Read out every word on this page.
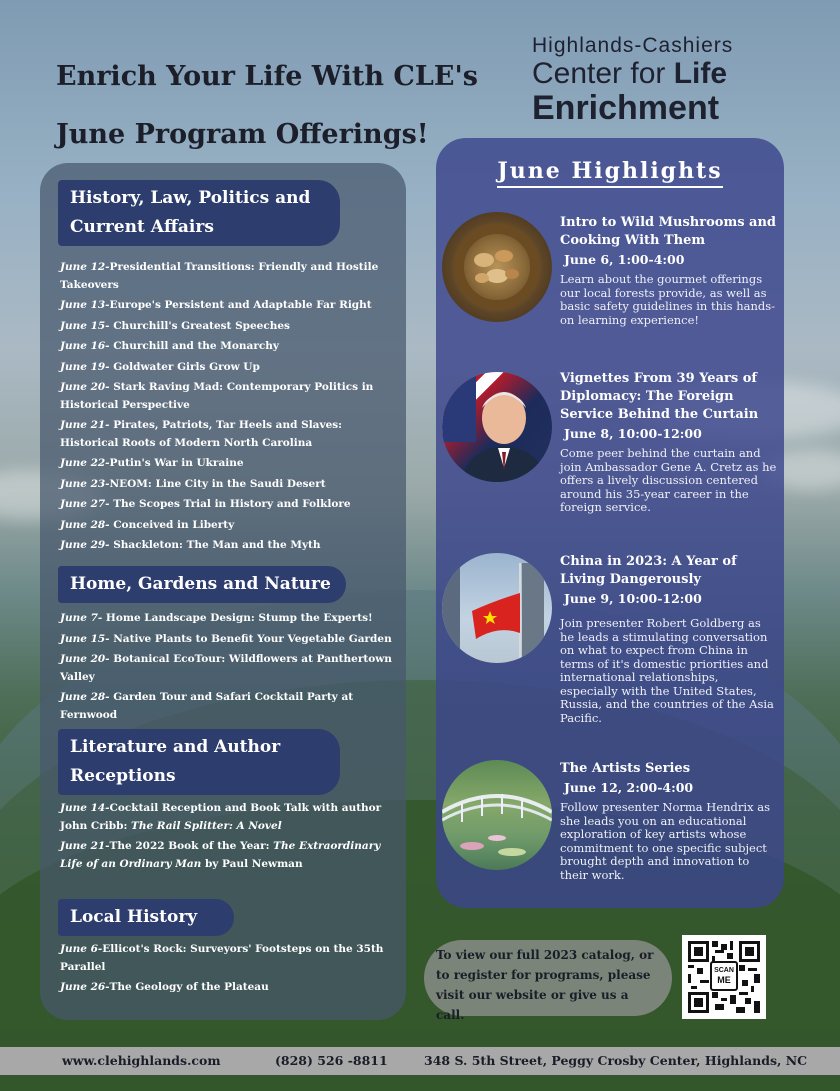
Enrich Your Life With CLE's
June Program Offerings!
Highlands-Cashiers
Center for Life
Enrichment
History, Law, Politics and
Current Affairs
June 12-Presidential Transitions: Friendly and Hostile Takeovers
June 13-Europe's Persistent and Adaptable Far Right
June 15- Churchill's Greatest Speeches
June 16- Churchill and the Monarchy
June 19- Goldwater Girls Grow Up
June 20- Stark Raving Mad: Contemporary Politics in Historical Perspective
June 21- Pirates, Patriots, Tar Heels and Slaves: Historical Roots of Modern North Carolina
June 22-Putin's War in Ukraine
June 23-NEOM: Line City in the Saudi Desert
June 27- The Scopes Trial in History and Folklore
June 28- Conceived in Liberty
June 29- Shackleton: The Man and the Myth
Home, Gardens and Nature
June 7- Home Landscape Design: Stump the Experts!
June 15- Native Plants to Benefit Your Vegetable Garden
June 20- Botanical EcoTour: Wildflowers at Panthertown Valley
June 28- Garden Tour and Safari Cocktail Party at Fernwood
Literature and Author
Receptions
June 14-Cocktail Reception and Book Talk with author John Cribb: The Rail Splitter: A Novel
June 21-The 2022 Book of the Year: The Extraordinary Life of an Ordinary Man by Paul Newman
Local History
June 6-Ellicot's Rock: Surveyors' Footsteps on the 35th Parallel
June 26-The Geology of the Plateau
June Highlights
Intro to Wild Mushrooms and Cooking With Them
June 6, 1:00-4:00
Learn about the gourmet offerings our local forests provide, as well as basic safety guidelines in this hands-on learning experience!
Vignettes From 39 Years of Diplomacy: The Foreign Service Behind the Curtain
June 8, 10:00-12:00
Come peer behind the curtain and join Ambassador Gene A. Cretz as he offers a lively discussion centered around his 35-year career in the foreign service.
China in 2023: A Year of Living Dangerously
June 9, 10:00-12:00
Join presenter Robert Goldberg as he leads a stimulating conversation on what to expect from China in terms of it's domestic priorities and international relationships, especially with the United States, Russia, and the countries of the Asia Pacific.
The Artists Series
June 12, 2:00-4:00
Follow presenter Norma Hendrix as she leads you on an educational exploration of key artists whose commitment to one specific subject brought depth and innovation to their work.
To view our full 2023 catalog, or to register for programs, please visit our website or give us a call.
SCAN
ME
www.clehighlands.com	(828) 526 -8811	348 S. 5th Street, Peggy Crosby Center, Highlands, NC
